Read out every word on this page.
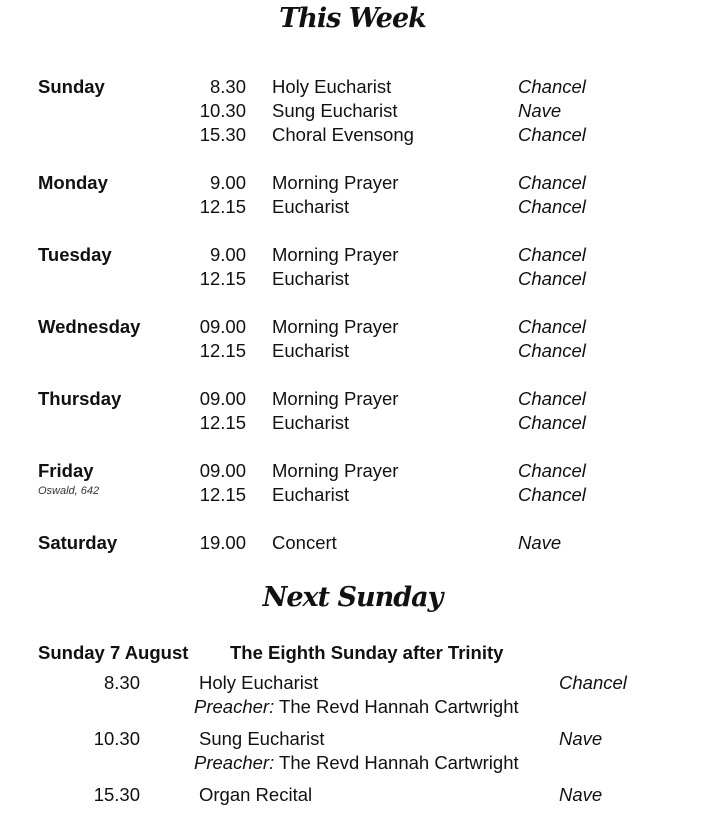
This Week
Sunday	8.30 Holy Eucharist	Chancel
10.30 Sung Eucharist	Nave
15.30 Choral Evensong	Chancel
Monday	9.00 Morning Prayer	Chancel
12.15 Eucharist	Chancel
Tuesday	9.00 Morning Prayer	Chancel
12.15 Eucharist	Chancel
Wednesday	09.00 Morning Prayer	Chancel
12.15 Eucharist	Chancel
Thursday	09.00 Morning Prayer	Chancel
12.15 Eucharist	Chancel
Friday
Oswald, 642
09.00 Morning Prayer	Chancel
12.15 Eucharist	Chancel
Saturday	19.00 Concert	Nave
Next Sunday
Sunday 7 August The Eighth Sunday after Trinity
8.30	Holy Eucharist	Chancel
Preacher: The Revd Hannah Cartwright
10.30	Sung Eucharist	Nave
Preacher: The Revd Hannah Cartwright
15.30	Organ Recital	Nave
